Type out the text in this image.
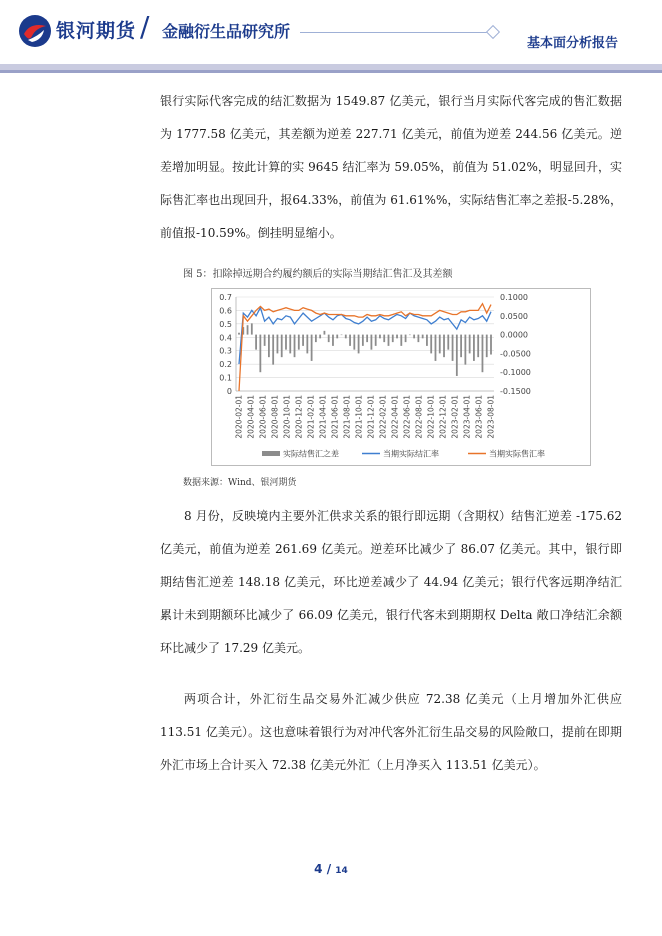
银河期货 / 金融衍生品研究所
基本面分析报告

银行实际代客完成的结汇数据为 1549.87 亿美元，银行当月实际代客完成的售汇数据为 1777.58 亿美元，其差额为逆差 227.71 亿美元，前值为逆差 244.56 亿美元。逆差增加明显。按此计算的实 9645 结汇率为 59.05%，前值为 51.02%，明显回升，实际售汇率也出现回升，报64.33%，前值为 61.61%%，实际结售汇率之差报-5.28%，前值报-10.59%。倒挂明显缩小。

图 5：扣除掉远期合约履约额后的实际当期结汇售汇及其差额

0
0.1
0.2
0.3
0.4
0.5
0.6
0.7	0.1000
0.0500
0.0000
-0.0500
-0.1000
-0.1500
2020-02-01 2020-04-01 2020-06-01 2020-08-01 2020-10-01 2020-12-01 2021-02-01 2021-04-01 2021-06-01 2021-08-01 2021-10-01 2021-12-01 2022-02-01 2022-04-01 2022-06-01 2022-08-01 2022-10-01 2022-12-01 2023-02-01 2023-04-01 2023-06-01 2023-08-01
实际结售汇之差	当期实际结汇率	当期实际售汇率

数据来源：Wind、银河期货

8 月份，反映境内主要外汇供求关系的银行即远期（含期权）结售汇逆差 -175.62 亿美元，前值为逆差 261.69 亿美元。逆差环比减少了 86.07 亿美元。其中，银行即期结售汇逆差 148.18 亿美元，环比逆差减少了 44.94 亿美元；银行代客远期净结汇累计未到期额环比减少了 66.09 亿美元，银行代客未到期期权 Delta 敞口净结汇余额环比减少了 17.29 亿美元。

两项合计，外汇衍生品交易外汇减少供应 72.38 亿美元（上月增加外汇供应 113.51 亿美元）。这也意味着银行为对冲代客外汇衍生品交易的风险敞口，提前在即期外汇市场上合计买入 72.38 亿美元外汇（上月净买入 113.51 亿美元）。

4 / 14
